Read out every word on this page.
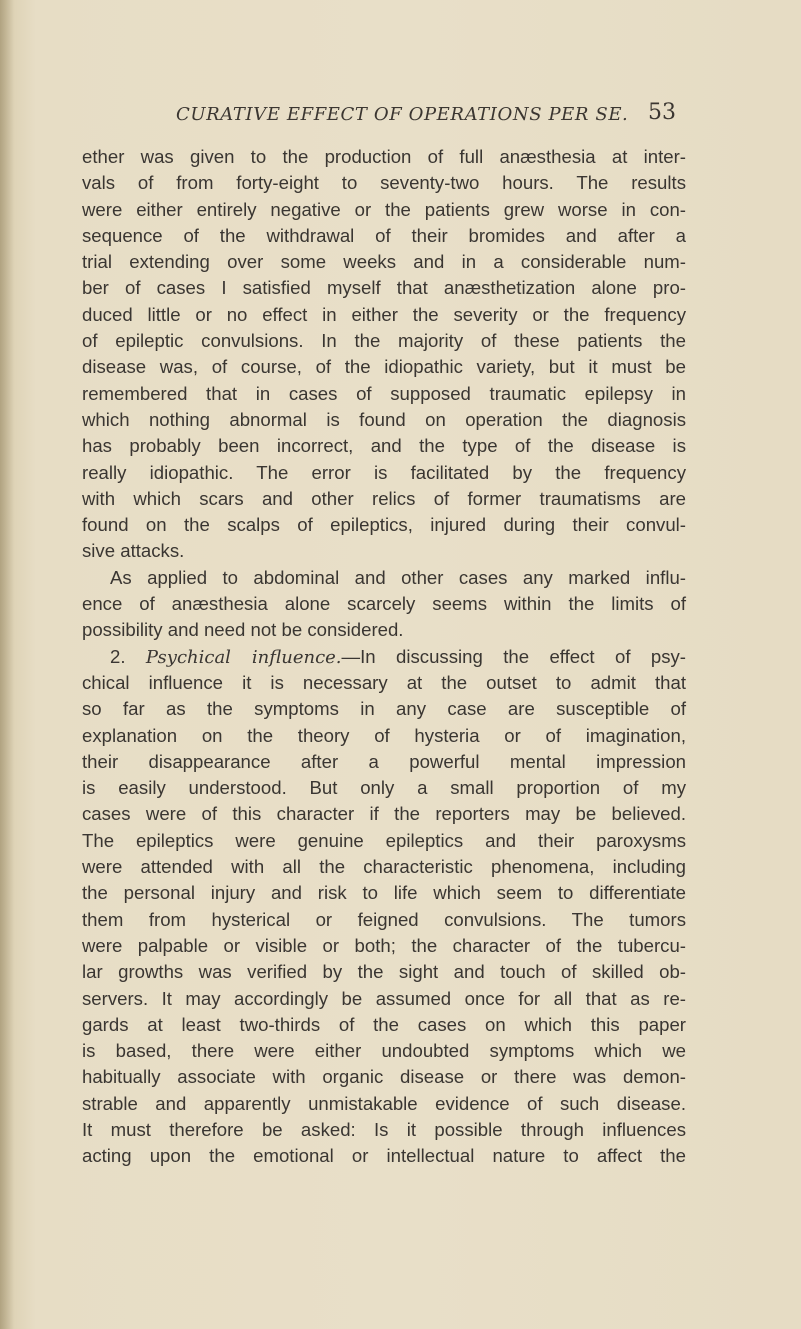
CURATIVE EFFECT OF OPERATIONS PER SE. 53
ether was given to the production of full anæsthesia at inter-
vals of from forty-eight to seventy-two hours. The results
were either entirely negative or the patients grew worse in con-
sequence of the withdrawal of their bromides and after a
trial extending over some weeks and in a considerable num-
ber of cases I satisfied myself that anæsthetization alone pro-
duced little or no effect in either the severity or the frequency
of epileptic convulsions. In the majority of these patients the
disease was, of course, of the idiopathic variety, but it must be
remembered that in cases of supposed traumatic epilepsy in
which nothing abnormal is found on operation the diagnosis
has probably been incorrect, and the type of the disease is
really idiopathic. The error is facilitated by the frequency
with which scars and other relics of former traumatisms are
found on the scalps of epileptics, injured during their convul-
sive attacks.
As applied to abdominal and other cases any marked influ-
ence of anæsthesia alone scarcely seems within the limits of
possibility and need not be considered.
2. Psychical influence.—In discussing the effect of psy-
chical influence it is necessary at the outset to admit that
so far as the symptoms in any case are susceptible of
explanation on the theory of hysteria or of imagination,
their disappearance after a powerful mental impression
is easily understood. But only a small proportion of my
cases were of this character if the reporters may be believed.
The epileptics were genuine epileptics and their paroxysms
were attended with all the characteristic phenomena, including
the personal injury and risk to life which seem to differentiate
them from hysterical or feigned convulsions. The tumors
were palpable or visible or both; the character of the tubercu-
lar growths was verified by the sight and touch of skilled ob-
servers. It may accordingly be assumed once for all that as re-
gards at least two-thirds of the cases on which this paper
is based, there were either undoubted symptoms which we
habitually associate with organic disease or there was demon-
strable and apparently unmistakable evidence of such disease.
It must therefore be asked: Is it possible through influences
acting upon the emotional or intellectual nature to affect the
